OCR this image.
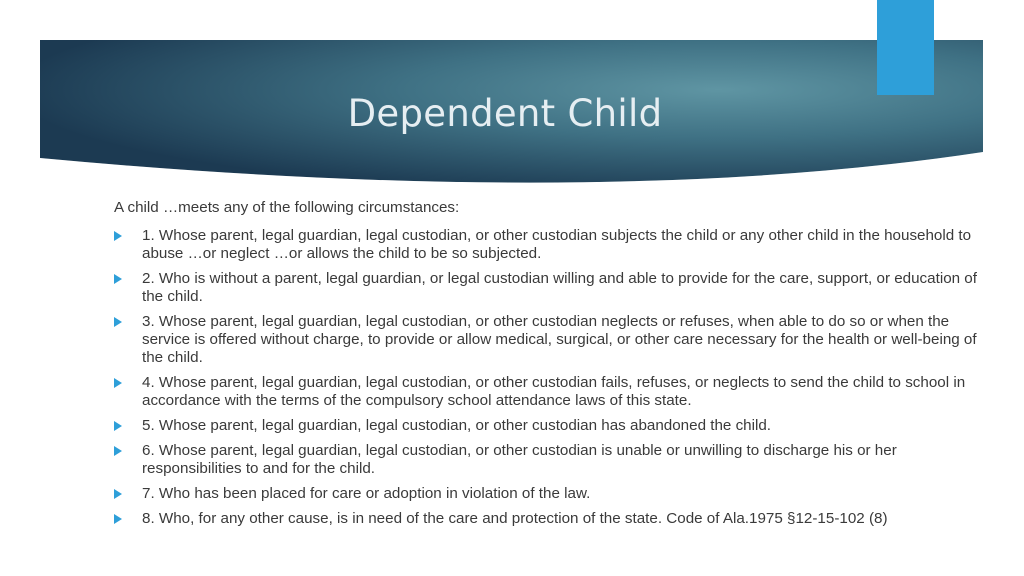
Dependent Child

A child …meets any of the following circumstances:

1. Whose parent, legal guardian, legal custodian, or other custodian subjects the child or any other child in the household to abuse …or neglect …or allows the child to be so subjected.
2. Who is without a parent, legal guardian, or legal custodian willing and able to provide for the care, support, or education of the child.
3. Whose parent, legal guardian, legal custodian, or other custodian neglects or refuses, when able to do so or when the service is offered without charge, to provide or allow medical, surgical, or other care necessary for the health or well-being of the child.
4. Whose parent, legal guardian, legal custodian, or other custodian fails, refuses, or neglects to send the child to school in accordance with the terms of the compulsory school attendance laws of this state.
5. Whose parent, legal guardian, legal custodian, or other custodian has abandoned the child.
6. Whose parent, legal guardian, legal custodian, or other custodian is unable or unwilling to discharge his or her responsibilities to and for the child.
7. Who has been placed for care or adoption in violation of the law.
8. Who, for any other cause, is in need of the care and protection of the state. Code of Ala.1975 §12-15-102 (8)
